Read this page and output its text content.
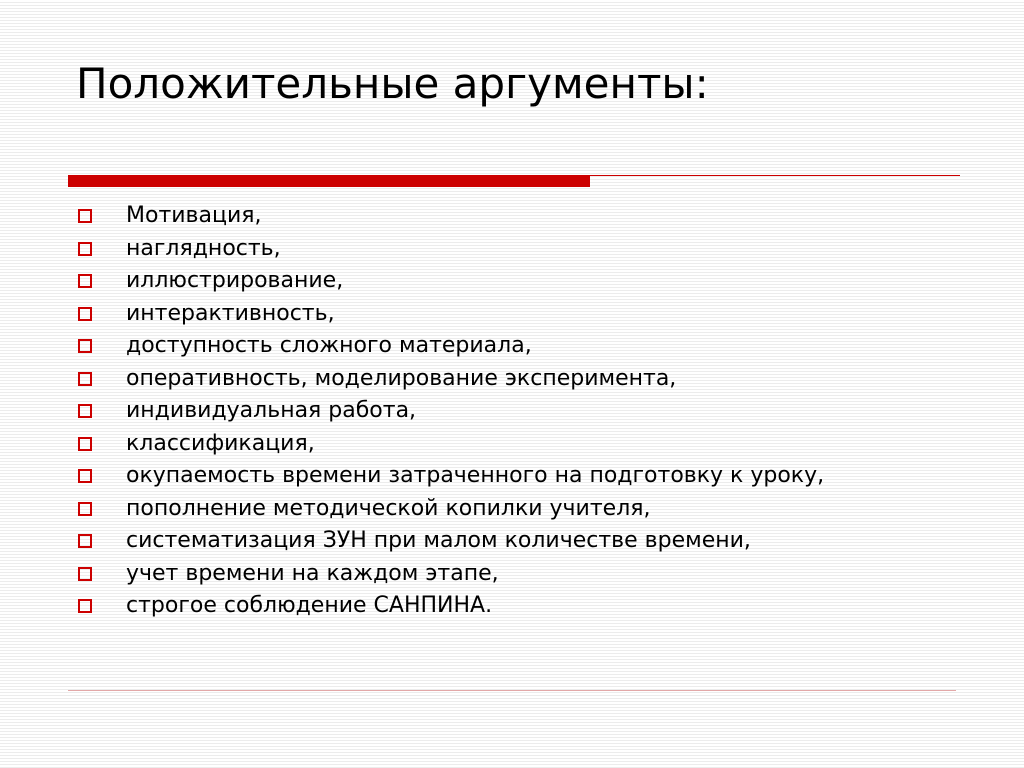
Положительные аргументы:
Мотивация,
наглядность,
иллюстрирование,
интерактивность,
доступность сложного материала,
оперативность, моделирование эксперимента,
индивидуальная работа,
классификация,
окупаемость времени затраченного на подготовку к уроку,
пополнение методической копилки учителя,
систематизация ЗУН при малом количестве времени,
учет времени на каждом этапе,
строгое соблюдение САНПИНА.
